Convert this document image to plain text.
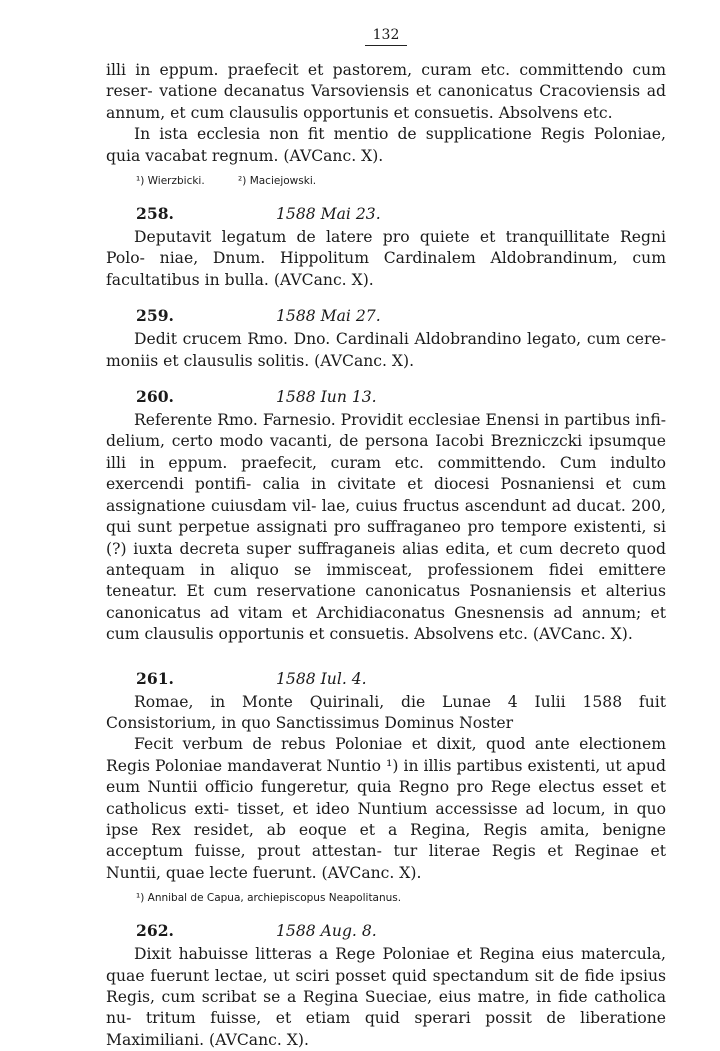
132

illi in eppum. praefecit et pastorem, curam etc. committendo cum reser- vatione decanatus Varsoviensis et canonicatus Cracoviensis ad annum, et cum clausulis opportunis et consuetis. Absolvens etc.

In ista ecclesia non fit mentio de supplicatione Regis Poloniae, quia vacabat regnum. (AVCanc. X).

¹) Wierzbicki.	²) Maciejowski.
258.	1588 Mai 23.

Deputavit legatum de latere pro quiete et tranquillitate Regni Polo- niae, Dnum. Hippolitum Cardinalem Aldobrandinum, cum facultatibus in bulla. (AVCanc. X).

259.	1588 Mai 27.

Dedit crucem Rmo. Dno. Cardinali Aldobrandino legato, cum cere- moniis et clausulis solitis. (AVCanc. X).

260.	1588 Iun 13.

Referente Rmo. Farnesio. Providit ecclesiae Enensi in partibus infi- delium, certo modo vacanti, de persona Iacobi Brezniczcki ipsumque illi in eppum. praefecit, curam etc. committendo. Cum indulto exercendi pontifi- calia in civitate et diocesi Posnaniensi et cum assignatione cuiusdam vil- lae, cuius fructus ascendunt ad ducat. 200, qui sunt perpetue assignati pro suffraganeo pro tempore existenti, si (?) iuxta decreta super suffraganeis alias edita, et cum decreto quod antequam in aliquo se immisceat, professionem fidei emittere teneatur. Et cum reservatione canonicatus Posnaniensis et alterius canonicatus ad vitam et Archidiaconatus Gnesnensis ad annum; et cum clausulis opportunis et consuetis. Absolvens etc. (AVCanc. X).

261.	1588 Iul. 4.

Romae, in Monte Quirinali, die Lunae 4 Iulii 1588 fuit Consistorium, in quo Sanctissimus Dominus Noster

Fecit verbum de rebus Poloniae et dixit, quod ante electionem Regis Poloniae mandaverat Nuntio ¹) in illis partibus existenti, ut apud eum Nuntii officio fungeretur, quia Regno pro Rege electus esset et catholicus exti- tisset, et ideo Nuntium accessisse ad locum, in quo ipse Rex residet, ab eoque et a Regina, Regis amita, benigne acceptum fuisse, prout attestan- tur literae Regis et Reginae et Nuntii, quae lecte fuerunt. (AVCanc. X).

¹) Annibal de Capua, archiepiscopus Neapolitanus.
262.	1588 Aug. 8.

Dixit habuisse litteras a Rege Poloniae et Regina eius matercula, quae fuerunt lectae, ut sciri posset quid spectandum sit de fide ipsius Regis, cum scribat se a Regina Sueciae, eius matre, in fide catholica nu- tritum fuisse, et etiam quid sperari possit de liberatione Maximiliani. (AVCanc. X).
